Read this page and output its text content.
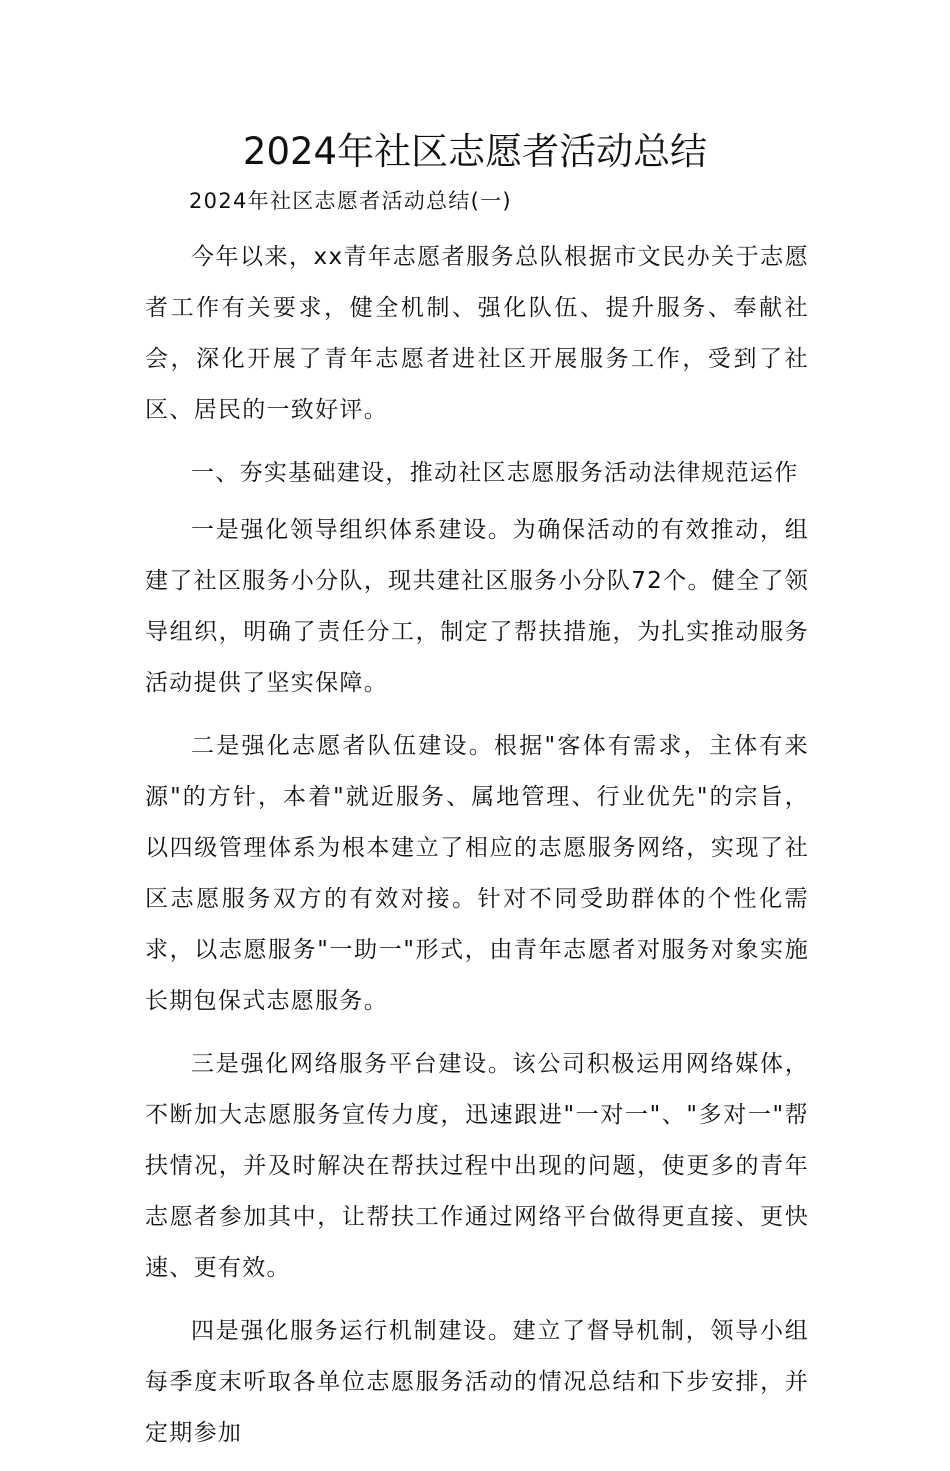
2024年社区志愿者活动总结
2024年社区志愿者活动总结(一)

今年以来，xx青年志愿者服务总队根据市文民办关于志愿者工作有关要求，健全机制、强化队伍、提升服务、奉献社会，深化开展了青年志愿者进社区开展服务工作，受到了社区、居民的一致好评。

一、夯实基础建设，推动社区志愿服务活动法律规范运作

一是强化领导组织体系建设。为确保活动的有效推动，组建了社区服务小分队，现共建社区服务小分队72个。健全了领导组织，明确了责任分工，制定了帮扶措施，为扎实推动服务活动提供了坚实保障。

二是强化志愿者队伍建设。根据"客体有需求，主体有来源"的方针，本着"就近服务、属地管理、行业优先"的宗旨，以四级管理体系为根本建立了相应的志愿服务网络，实现了社区志愿服务双方的有效对接。针对不同受助群体的个性化需求，以志愿服务"一助一"形式，由青年志愿者对服务对象实施长期包保式志愿服务。

三是强化网络服务平台建设。该公司积极运用网络媒体，不断加大志愿服务宣传力度，迅速跟进"一对一"、"多对一"帮扶情况，并及时解决在帮扶过程中出现的问题，使更多的青年志愿者参加其中，让帮扶工作通过网络平台做得更直接、更快速、更有效。

四是强化服务运行机制建设。建立了督导机制，领导小组每季度末听取各单位志愿服务活动的情况总结和下步安排，并定期参加
